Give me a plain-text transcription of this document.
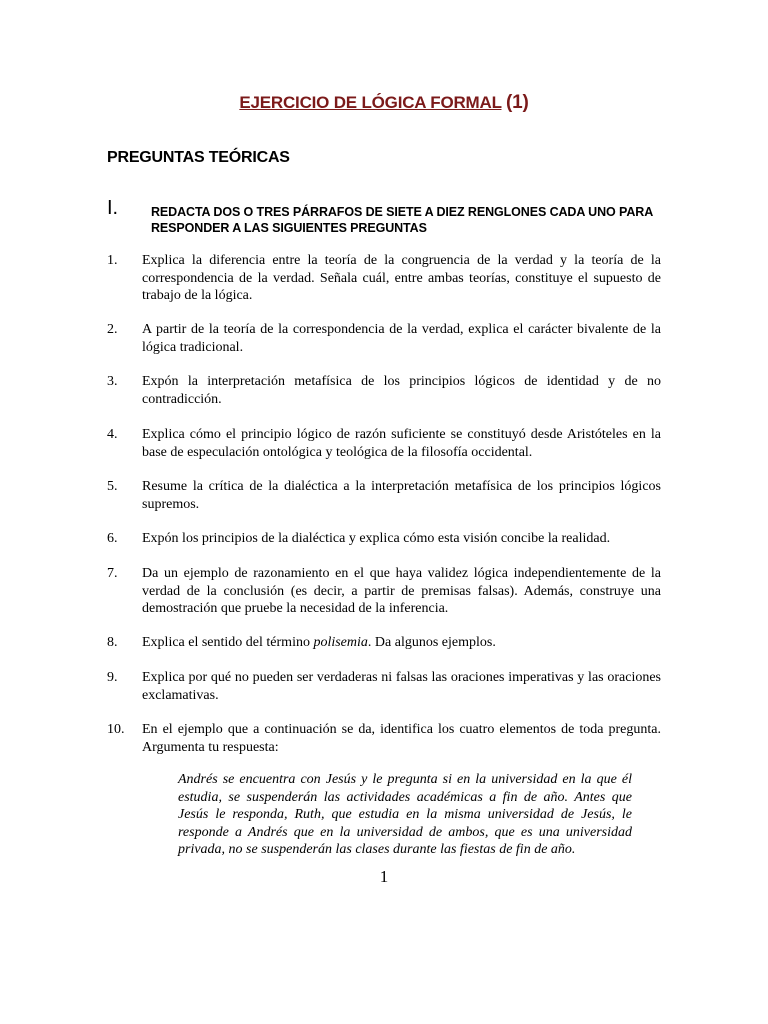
EJERCICIO DE LÓGICA FORMAL (1)
PREGUNTAS TEÓRICAS
I.	REDACTA DOS O TRES PÁRRAFOS DE SIETE A DIEZ RENGLONES CADA UNO PARA RESPONDER A LAS SIGUIENTES PREGUNTAS
1.	Explica la diferencia entre la teoría de la congruencia de la verdad y la teoría de la correspondencia de la verdad. Señala cuál, entre ambas teorías, constituye el supuesto de trabajo de la lógica.
2.	A partir de la teoría de la correspondencia de la verdad, explica el carácter bivalente de la lógica tradicional.
3.	Expón la interpretación metafísica de los principios lógicos de identidad y de no contradicción.
4.	Explica cómo el principio lógico de razón suficiente se constituyó desde Aristóteles en la base de especulación ontológica y teológica de la filosofía occidental.
5.	Resume la crítica de la dialéctica a la interpretación metafísica de los principios lógicos supremos.
6.	Expón los principios de la dialéctica y explica cómo esta visión concibe la realidad.
7.	Da un ejemplo de razonamiento en el que haya validez lógica independientemente de la verdad de la conclusión (es decir, a partir de premisas falsas). Además, construye una demostración que pruebe la necesidad de la inferencia.
8.	Explica el sentido del término polisemia. Da algunos ejemplos.
9.	Explica por qué no pueden ser verdaderas ni falsas las oraciones imperativas y las oraciones exclamativas.
10.	En el ejemplo que a continuación se da, identifica los cuatro elementos de toda pregunta. Argumenta tu respuesta:
Andrés se encuentra con Jesús y le pregunta si en la universidad en la que él estudia, se suspenderán las actividades académicas a fin de año. Antes que Jesús le responda, Ruth, que estudia en la misma universidad de Jesús, le responde a Andrés que en la universidad de ambos, que es una universidad privada, no se suspenderán las clases durante las fiestas de fin de año.
1
